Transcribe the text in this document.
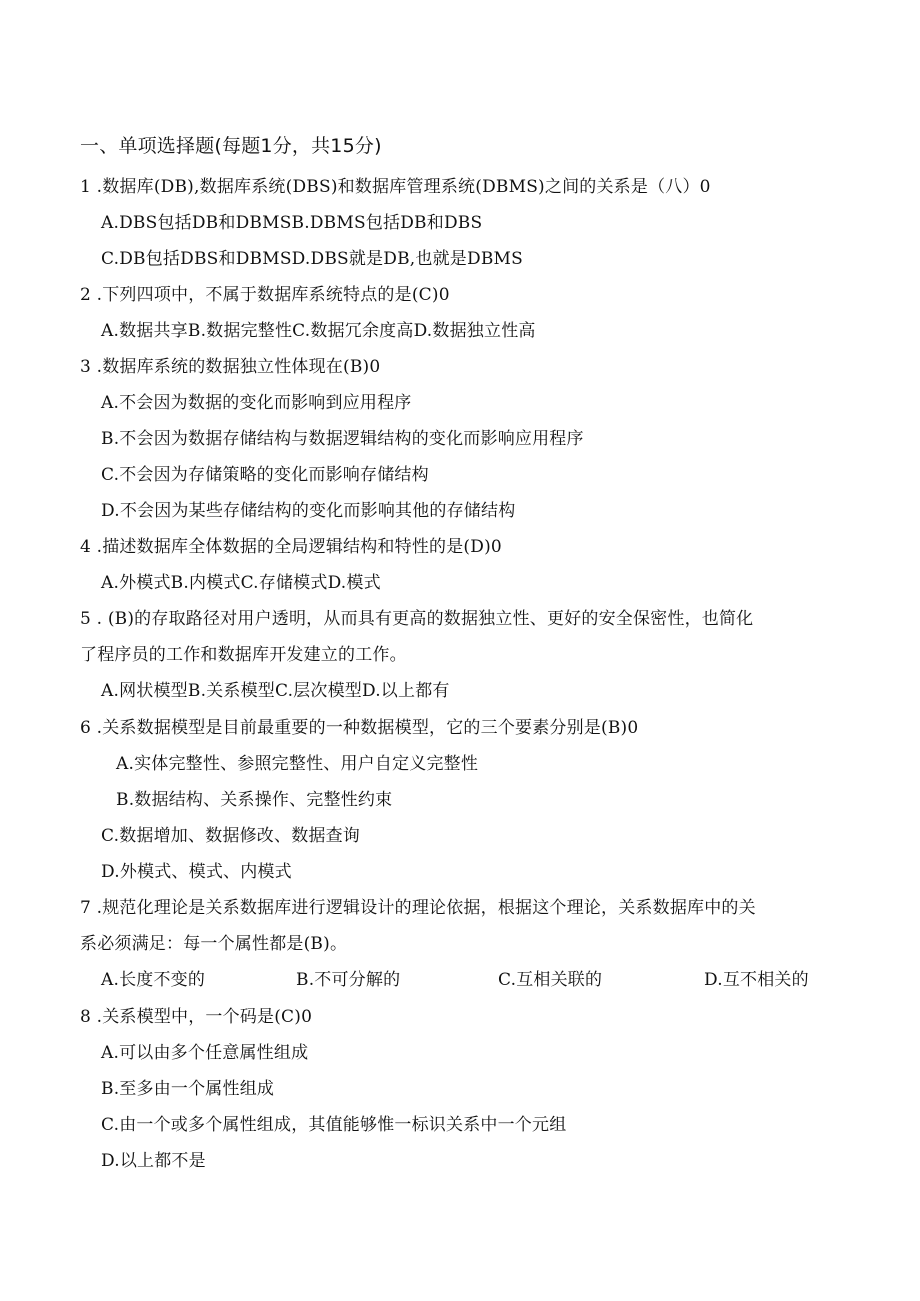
一、单项选择题(每题1分，共15分)
1 .数据库(DB),数据库系统(DBS)和数据库管理系统(DBMS)之间的关系是（八）0
A.DBS包括DB和DBMSB.DBMS包括DB和DBS
C.DB包括DBS和DBMSD.DBS就是DB,也就是DBMS
2 .下列四项中，不属于数据库系统特点的是(C)0
A.数据共享B.数据完整性C.数据冗余度高D.数据独立性高
3 .数据库系统的数据独立性体现在(B)0
A.不会因为数据的变化而影响到应用程序
B.不会因为数据存储结构与数据逻辑结构的变化而影响应用程序
C.不会因为存储策略的变化而影响存储结构
D.不会因为某些存储结构的变化而影响其他的存储结构
4 .描述数据库全体数据的全局逻辑结构和特性的是(D)0
A.外模式B.内模式C.存储模式D.模式
5 . (B)的存取路径对用户透明，从而具有更高的数据独立性、更好的安全保密性，也简化
了程序员的工作和数据库开发建立的工作。
A.网状模型B.关系模型C.层次模型D.以上都有
6 .关系数据模型是目前最重要的一种数据模型，它的三个要素分别是(B)0
A.实体完整性、参照完整性、用户自定义完整性
B.数据结构、关系操作、完整性约束
C.数据增加、数据修改、数据查询
D.外模式、模式、内模式
7 .规范化理论是关系数据库进行逻辑设计的理论依据，根据这个理论，关系数据库中的关
系必须满足：每一个属性都是(B)。
A.长度不变的	B.不可分解的	C.互相关联的	D.互不相关的
8 .关系模型中，一个码是(C)0
A.可以由多个任意属性组成
B.至多由一个属性组成
C.由一个或多个属性组成，其值能够惟一标识关系中一个元组
D.以上都不是
